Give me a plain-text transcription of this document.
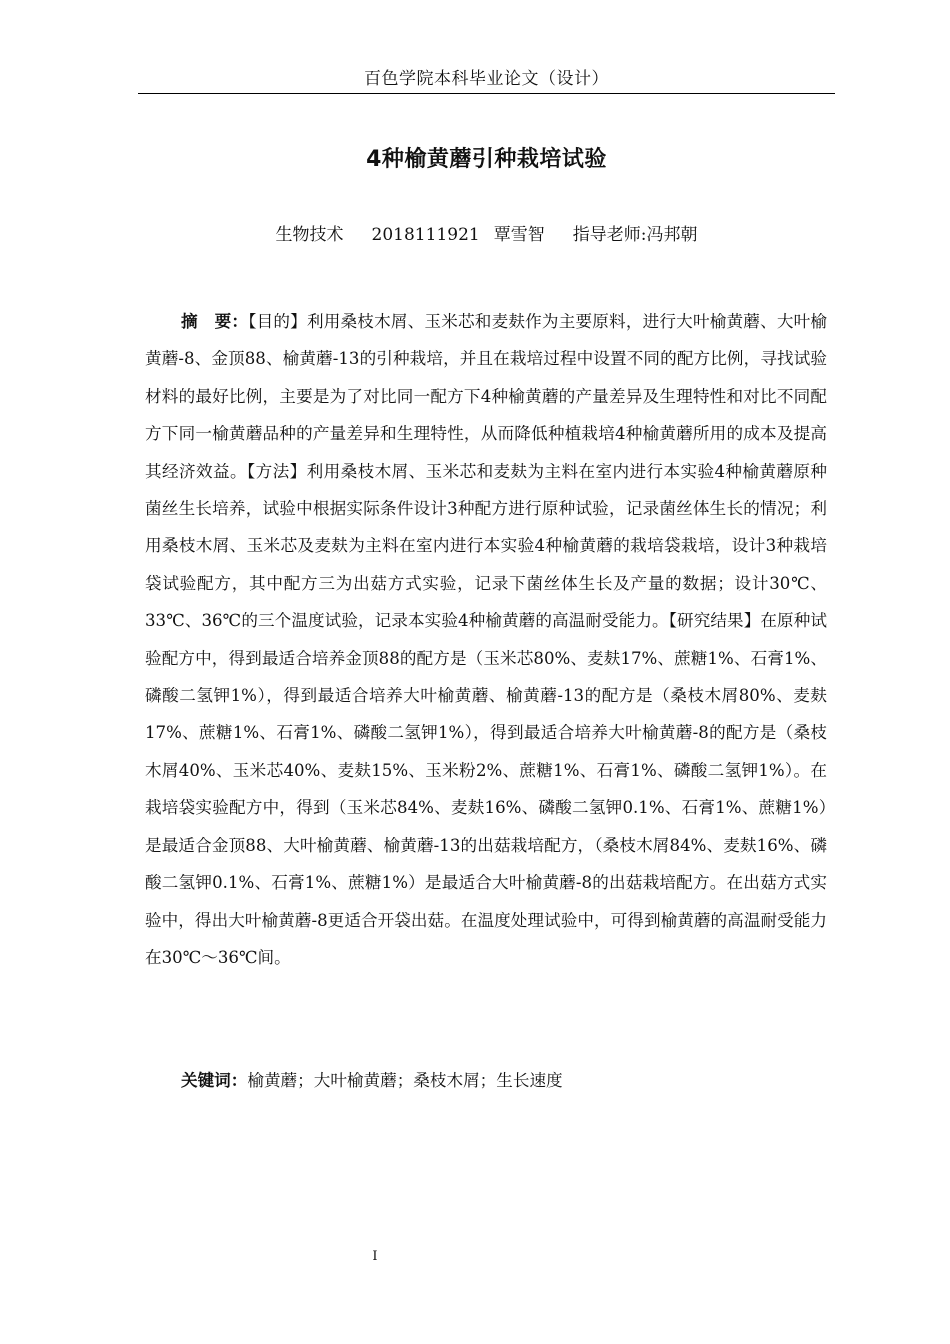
百色学院本科毕业论文（设计）
4种榆黄蘑引种栽培试验
生物技术 2018111921 覃雪智 指导老师:冯邦朝

摘　要：【目的】利用桑枝木屑、玉米芯和麦麸作为主要原料，进行大叶榆黄蘑、大叶榆黄蘑-8、金顶88、榆黄蘑-13的引种栽培，并且在栽培过程中设置不同的配方比例，寻找试验材料的最好比例，主要是为了对比同一配方下4种榆黄蘑的产量差异及生理特性和对比不同配方下同一榆黄蘑品种的产量差异和生理特性，从而降低种植栽培4种榆黄蘑所用的成本及提高其经济效益。【方法】利用桑枝木屑、玉米芯和麦麸为主料在室内进行本实验4种榆黄蘑原种菌丝生长培养，试验中根据实际条件设计3种配方进行原种试验，记录菌丝体生长的情况；利用桑枝木屑、玉米芯及麦麸为主料在室内进行本实验4种榆黄蘑的栽培袋栽培，设计3种栽培袋试验配方，其中配方三为出菇方式实验，记录下菌丝体生长及产量的数据；设计30℃、33℃、36℃的三个温度试验，记录本实验4种榆黄蘑的高温耐受能力。【研究结果】在原种试验配方中，得到最适合培养金顶88的配方是（玉米芯80%、麦麸17%、蔗糖1%、石膏1%、磷酸二氢钾1%），得到最适合培养大叶榆黄蘑、榆黄蘑-13的配方是（桑枝木屑80%、麦麸17%、蔗糖1%、石膏1%、磷酸二氢钾1%），得到最适合培养大叶榆黄蘑-8的配方是（桑枝木屑40%、玉米芯40%、麦麸15%、玉米粉2%、蔗糖1%、石膏1%、磷酸二氢钾1%）。在栽培袋实验配方中，得到（玉米芯84%、麦麸16%、磷酸二氢钾0.1%、石膏1%、蔗糖1%）是最适合金顶88、大叶榆黄蘑、榆黄蘑-13的出菇栽培配方，（桑枝木屑84%、麦麸16%、磷酸二氢钾0.1%、石膏1%、蔗糖1%）是最适合大叶榆黄蘑-8的出菇栽培配方。在出菇方式实验中，得出大叶榆黄蘑-8更适合开袋出菇。在温度处理试验中，可得到榆黄蘑的高温耐受能力在30℃～36℃间。

关键词：榆黄蘑；大叶榆黄蘑；桑枝木屑；生长速度

I
